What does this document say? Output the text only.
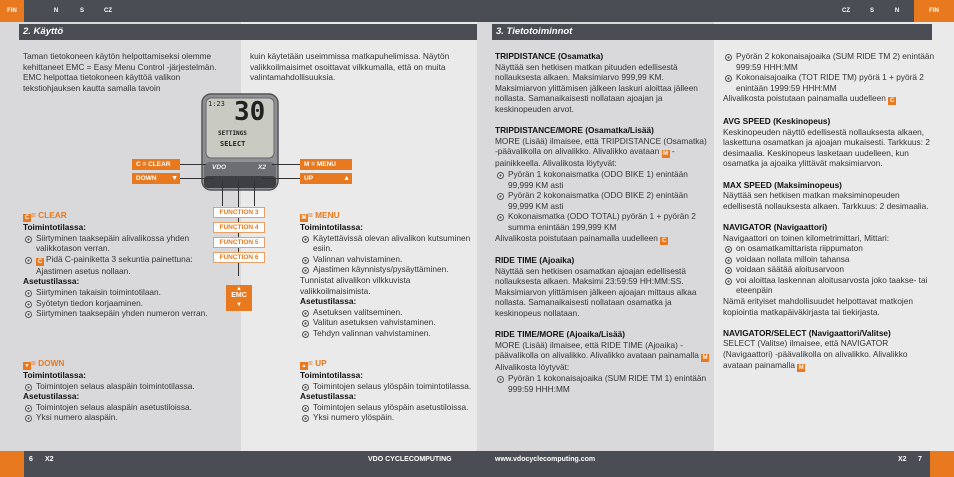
FIN	N	S	CZ
2. Käyttö

Taman tietokoneen käytön helpottamiseksi olemme kehittaneet EMC = Easy Menu Control -järjestelmän. EMC helpottaa tietokoneen käyttöä valikon tekstiohjauksen kautta samalla tavoin

kuin käytetään useimmissa matkapuhelimissa. Näytön valikkoilmaisimet osoittavat vilkkumalla, että on muita valintamahdollisuuksia.

1:23 30
SETTINGS
SELECT
VDO	X2
C = CLEAR
DOWN ▼
M = MENU
UP	▲
FUNCTION 3
FUNCTION 4
FUNCTION 5
FUNCTION 6
EMC
▲
▼

C = CLEAR

Toimintotilassa:

Siirtyminen taaksepäin alivalikossa yhden valikkotason verran.

C Pidä C-painiketta 3 sekuntia painettuna:

Ajastimen asetus nollaan.

Asetustilassa:

Siirtyminen takaisin toimintotilaan.

Syötetyn tiedon korjaaminen.

Siirtyminen taaksepäin yhden numeron verran.

▼ = DOWN

Toimintotilassa:

Toimintojen selaus alaspäin toimintotilassa.

Asetustilassa:

Toimintojen selaus alaspäin asetustiloissa.

Yksi numero alaspäin.

M = MENU

Toimintotilassa:

Käytettävissä olevan alivalikon kutsuminen esiin.

Valinnan vahvistaminen.

Ajastimen käynnistys/pysäyttäminen.

Tunnistat alivalikon vilkkuvista valikkoilmaisimista.

Asetustilassa:

Asetuksen valitseminen.

Valitun asetuksen vahvistaminen.

Tehdyn valinnan vahvistaminen.

▲ = UP

Toimintotilassa:

Toimintojen selaus ylöspäin toimintotilassa.

Asetustilassa:

Toimintojen selaus ylöspäin asetustiloissa.

Yksi numero ylöspäin.

6 X2	VDO CYCLECOMPUTING
CZ	S	N	FIN
3. Tietotoiminnot

TRIPDISTANCE (Osamatka)

Näyttää sen hetkisen matkan pituuden edellisestä nollauksesta alkaen. Maksimiarvo 999,99 KM. Maksimiarvon ylittämisen jälkeen laskuri aloittaa jälleen nollasta. Samanaikaisesti nollataan ajoajan ja keskinopeuden arvot.

TRIPDISTANCE/MORE (Osamatka/Lisää)

MORE (Lisää) ilmaisee, että TRIPDISTANCE (Osamatka) -päävalikolla on alivalikko. Alivalikko avataan M -painikkeella. Alivalikosta löytyvät:

Pyörän 1 kokonaismatka (ODO BIKE 1) enintään 99,999 KM asti

Pyörän 2 kokonaismatka (ODO BIKE 2) enintään 99,999 KM asti

Kokonaismatka (ODO TOTAL) pyörän 1 + pyörän 2 summa enintään 199,999 KM

Alivalikosta poistutaan painamalla uudelleen C

RIDE TIME (Ajoaika)

Näyttää sen hetkisen osamatkan ajoajan edellisestä nollauksesta alkaen. Maksimi 23:59:59 HH:MM:SS. Maksimiarvon ylittämisen jälkeen ajoajan mittaus alkaa nollasta. Samanaikaisesti nollataan osamatka ja keskinopeus nollataan.

RIDE TIME/MORE (Ajoaika/Lisää)

MORE (Lisää) ilmaisee, että RIDE TIME (Ajoaika) -päävalikolla on alivalikko. Alivalikko avataan painamalla M Alivalikosta löytyvät:

Pyörän 1 kokonaisajoaika (SUM RIDE TM 1) enintään 999:59 HHH:MM

Pyörän 2 kokonaisajoaika (SUM RIDE TM 2) enintään 999:59 HHH:MM

Kokonaisajoaika (TOT RIDE TM) pyörä 1 + pyörä 2 enintään 1999:59 HHH:MM

Alivalikosta poistutaan painamalla uudelleen C

AVG SPEED (Keskinopeus)

Keskinopeuden näyttö edellisestä nollauksesta alkaen, laskettuna osamatkan ja ajoajan mukaisesti. Tarkkuus: 2 desimaalia. Keskinopeus lasketaan uudelleen, kun osamatka ja ajoaika ylittävät maksimiarvon.

MAX SPEED (Maksiminopeus)

Näyttää sen hetkisen matkan maksiminopeuden edellisestä nollauksesta alkaen. Tarkkuus: 2 desimaalia.

NAVIGATOR (Navigaattori)

Navigaattori on toinen kilometrimittari, Mittari:

on osamatkamittarista riippumaton

voidaan nollata milloin tahansa

voidaan säätää aloitusarvoon

voi aloittaa laskennan aloitusarvosta joko taakse- tai eteenpäin

Nämä erityiset mahdollisuudet helpottavat matkojen kopiointia matkapäiväkirjasta tai tiekirjasta.

NAVIGATOR/SELECT (Navigaattori/Valitse)

SELECT (Valitse) ilmaisee, että NAVIGATOR (Navigaattori) -päävalikolla on alivalikko. Alivalikko avataan painamalla M

www.vdocyclecomputing.com	X2 7
